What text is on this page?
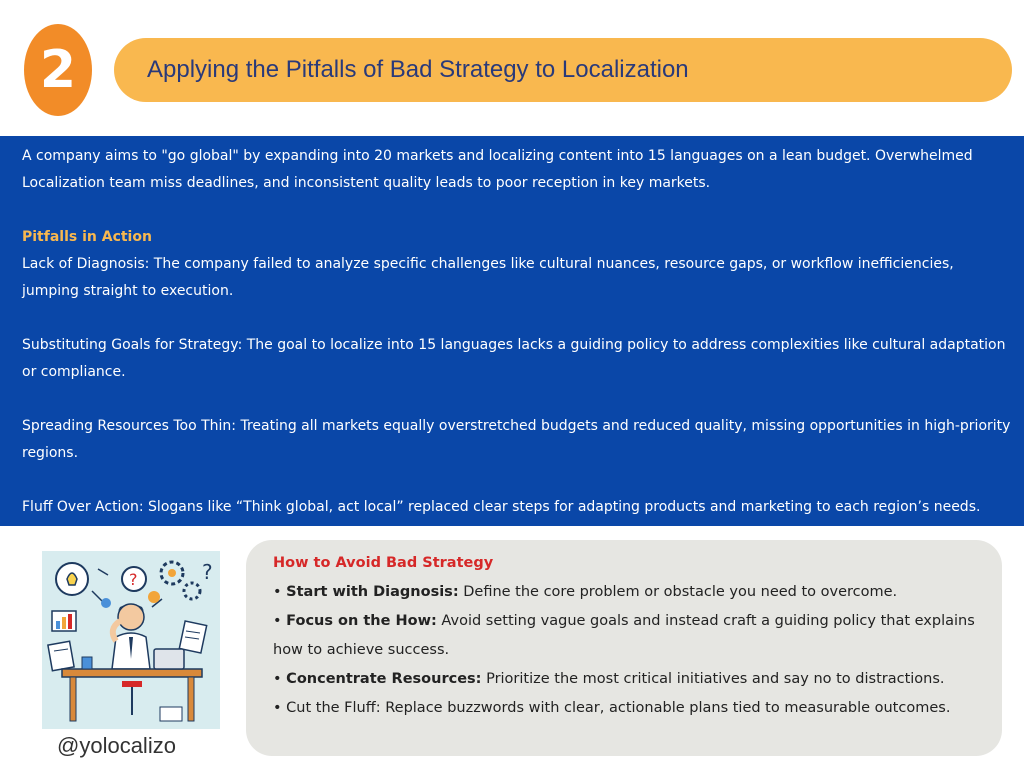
2	Applying the Pitfalls of Bad Strategy to Localization

A company aims to "go global" by expanding into 20 markets and localizing content into 15 languages on a lean budget. Overwhelmed Localization team miss deadlines, and inconsistent quality leads to poor reception in key markets.

Pitfalls in Action

Lack of Diagnosis: The company failed to analyze specific challenges like cultural nuances, resource gaps, or workflow inefficiencies, jumping straight to execution.

Substituting Goals for Strategy: The goal to localize into 15 languages lacks a guiding policy to address complexities like cultural adaptation or compliance.

Spreading Resources Too Thin: Treating all markets equally overstretched budgets and reduced quality, missing opportunities in high-priority regions.

Fluff Over Action: Slogans like “Think global, act local” replaced clear steps for adapting products and marketing to each region’s needs.

?
?
@yolocalizo

How to Avoid Bad Strategy

• Start with Diagnosis: Define the core problem or obstacle you need to overcome.

• Focus on the How: Avoid setting vague goals and instead craft a guiding policy that explains how to achieve success.

• Concentrate Resources: Prioritize the most critical initiatives and say no to distractions.

• Cut the Fluff: Replace buzzwords with clear, actionable plans tied to measurable outcomes.
